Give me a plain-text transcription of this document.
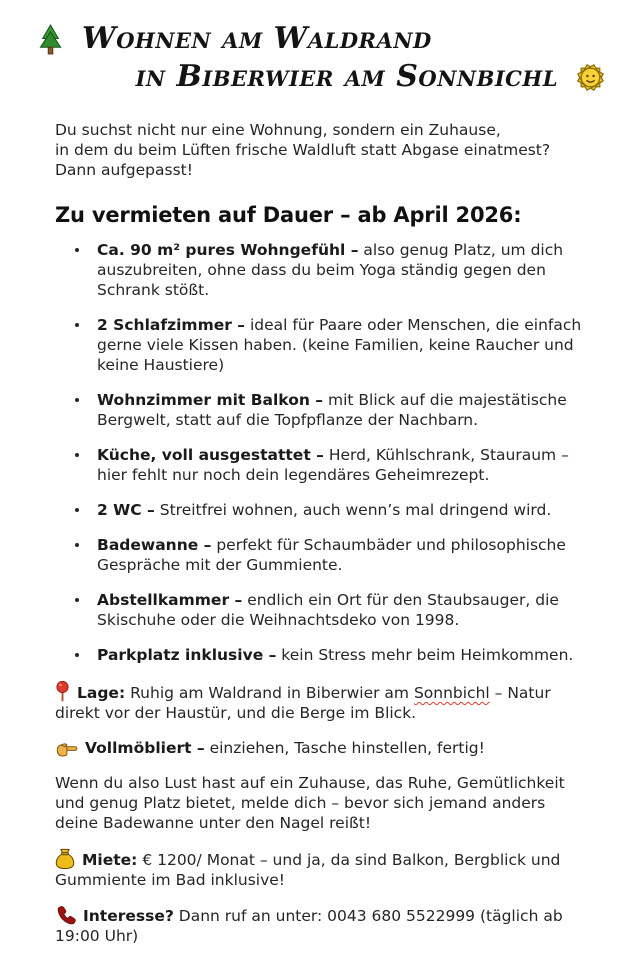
Wohnen am Waldrand
in Biberwier am Sonnbichl
Du suchst nicht nur eine Wohnung, sondern ein Zuhause,
in dem du beim Lüften frische Waldluft statt Abgase einatmest?
Dann aufgepasst!
Zu vermieten auf Dauer – ab April 2026:
Ca. 90 m² pures Wohngefühl – also genug Platz, um dich auszubreiten, ohne dass du beim Yoga ständig gegen den Schrank stößt.
2 Schlafzimmer – ideal für Paare oder Menschen, die einfach gerne viele Kissen haben. (keine Familien, keine Raucher und keine Haustiere)
Wohnzimmer mit Balkon – mit Blick auf die majestätische Bergwelt, statt auf die Topfpflanze der Nachbarn.
Küche, voll ausgestattet – Herd, Kühlschrank, Stauraum – hier fehlt nur noch dein legendäres Geheimrezept.
2 WC – Streitfrei wohnen, auch wenn’s mal dringend wird.
Badewanne – perfekt für Schaumbäder und philosophische Gespräche mit der Gummiente.
Abstellkammer – endlich ein Ort für den Staubsauger, die Skischuhe oder die Weihnachtsdeko von 1998.
Parkplatz inklusive – kein Stress mehr beim Heimkommen.

Lage: Ruhig am Waldrand in Biberwier am Sonnbichl – Natur direkt vor der Haustür, und die Berge im Blick.

Vollmöbliert – einziehen, Tasche hinstellen, fertig!

Wenn du also Lust hast auf ein Zuhause, das Ruhe, Gemütlichkeit
und genug Platz bietet, melde dich – bevor sich jemand anders
deine Badewanne unter den Nagel reißt!

Miete: € 1200/ Monat – und ja, da sind Balkon, Bergblick und Gummiente im Bad inklusive!

Interesse? Dann ruf an unter: 0043 680 5522999 (täglich ab 19:00 Uhr)
